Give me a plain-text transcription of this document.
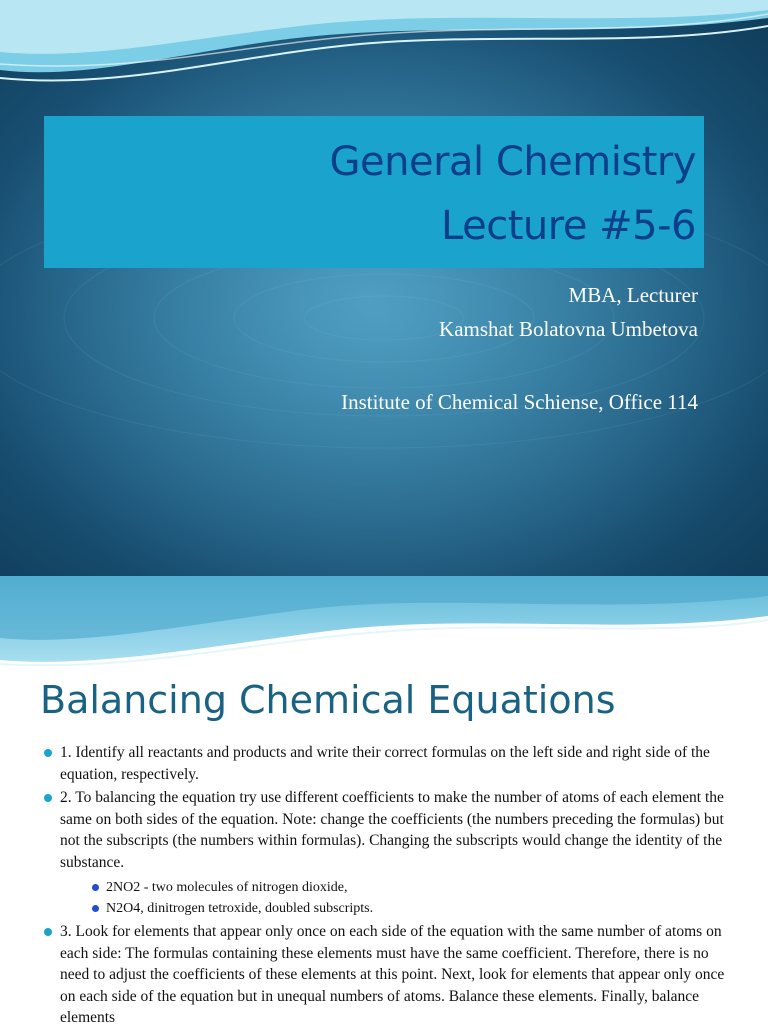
General Chemistry
Lecture #5-6
MBA, Lecturer
Kamshat Bolatovna Umbetova
Institute of Chemical Schiense, Office 114
Balancing Chemical Equations
1. Identify all reactants and products and write their correct formulas on the left side and right side of the equation, respectively.
2. To balancing the equation try use different coefficients to make the number of atoms of each element the same on both sides of the equation. Note: change the coefficients (the numbers preceding the formulas) but not the subscripts (the numbers within formulas). Changing the subscripts would change the identity of the substance.
2NO2 - two molecules of nitrogen dioxide,
N2O4, dinitrogen tetroxide, doubled subscripts.
3. Look for elements that appear only once on each side of the equation with the same number of atoms on each side: The formulas containing these elements must have the same coefficient. Therefore, there is no need to adjust the coefficients of these elements at this point. Next, look for elements that appear only once on each side of the equation but in unequal numbers of atoms. Balance these elements. Finally, balance elements
